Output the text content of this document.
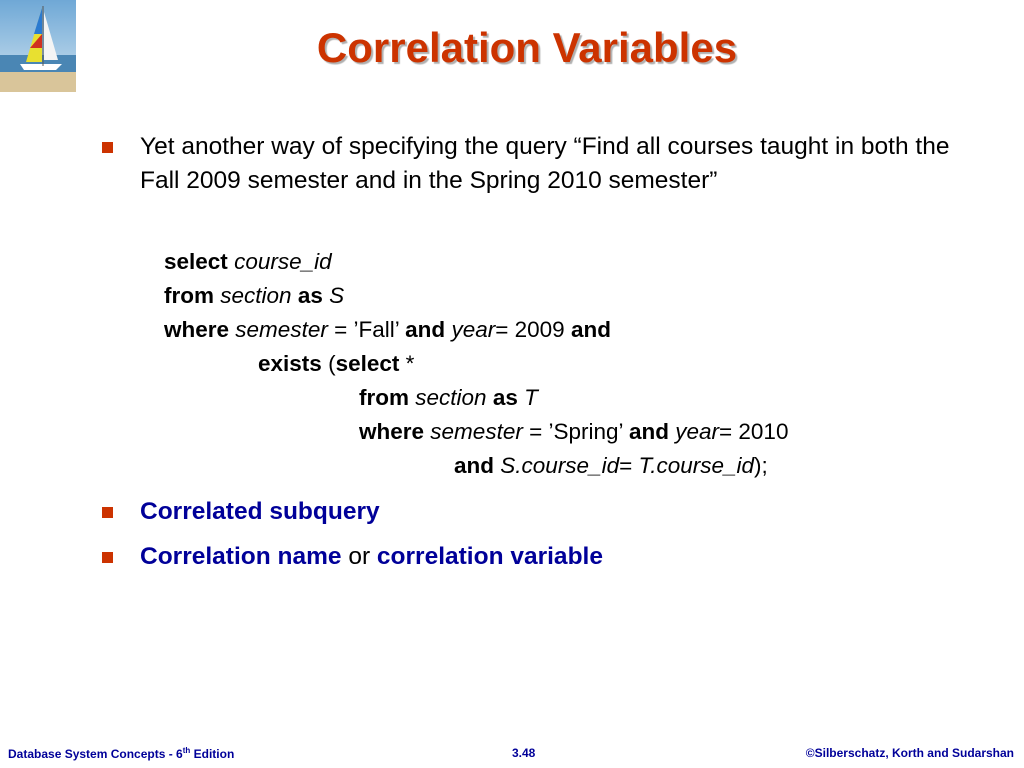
Correlation Variables
Yet another way of specifying the query “Find all courses taught in both the Fall 2009 semester and in the Spring 2010 semester”
select course_id
from section as S
where semester = ’Fall’ and year= 2009 and
exists (select *
from section as T
where semester = ’Spring’ and year= 2010
and S.course_id= T.course_id);
Correlated subquery
Correlation name or correlation variable
Database System Concepts - 6th Edition	3.48	©Silberschatz, Korth and Sudarshan
